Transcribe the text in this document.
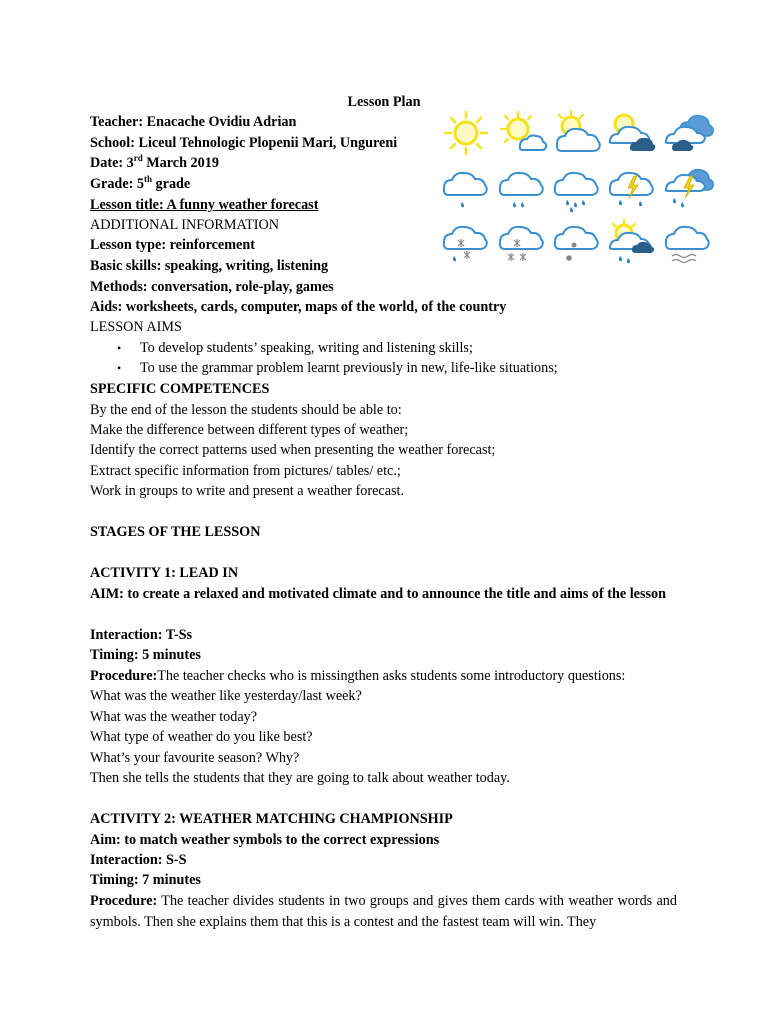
Lesson Plan
Teacher: Enacache Ovidiu Adrian
School: Liceul Tehnologic Plopenii Mari, Ungureni
Date: 3rd March 2019
Grade: 5th grade
Lesson title: A funny weather forecast
ADDITIONAL INFORMATION
Lesson type: reinforcement
Basic skills: speaking, writing, listening
Methods: conversation, role-play, games
Aids: worksheets, cards, computer, maps of the world, of the country
LESSON AIMS
• To develop students’ speaking, writing and listening skills;
• To use the grammar problem learnt previously in new, life-like situations;
SPECIFIC COMPETENCES
By the end of the lesson the students should be able to:
Make the difference between different types of weather;
Identify the correct patterns used when presenting the weather forecast;
Extract specific information from pictures/ tables/ etc.;
Work in groups to write and present a weather forecast.
STAGES OF THE LESSON
ACTIVITY 1: LEAD IN
AIM: to create a relaxed and motivated climate and to announce the title and aims of the lesson
Interaction: T-Ss
Timing: 5 minutes
Procedure:The teacher checks who is missingthen asks students some introductory questions:
What was the weather like yesterday/last week?
What was the weather today?
What type of weather do you like best?
What’s your favourite season? Why?
Then she tells the students that they are going to talk about weather today.
ACTIVITY 2: WEATHER MATCHING CHAMPIONSHIP
Aim: to match weather symbols to the correct expressions
Interaction: S-S
Timing: 7 minutes
Procedure: The teacher divides students in two groups and gives them cards with weather words and symbols. Then she explains them that this is a contest and the fastest team will win. They
